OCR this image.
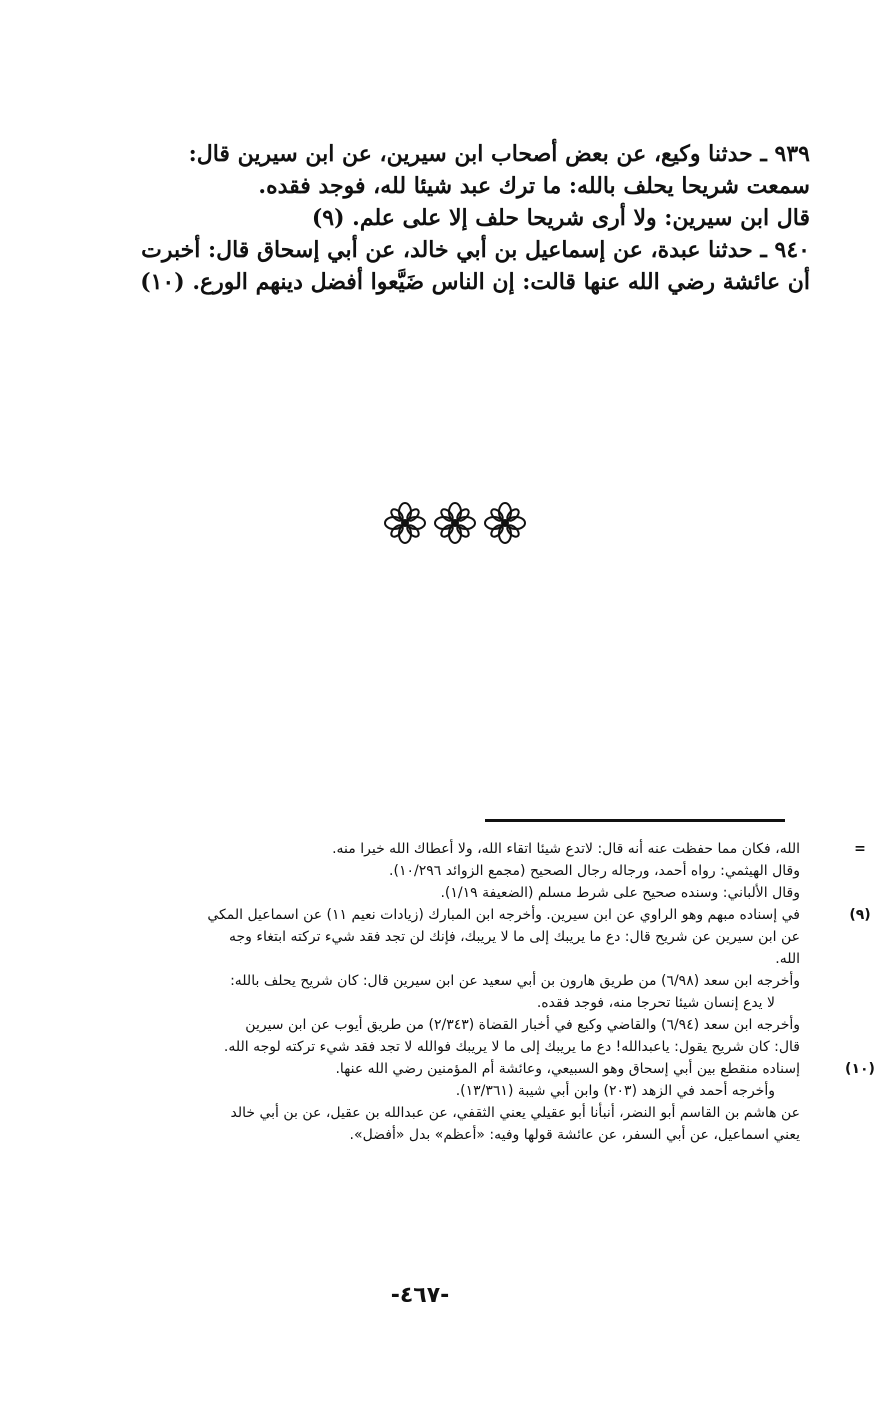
٩٣٩ ـ حدثنا وكيع، عن بعض أصحاب ابن سيرين، عن ابن سيرين قال:
سمعت شريحا يحلف بالله: ما ترك عبد شيئا لله، فوجد فقده.
قال ابن سيرين: ولا أرى شريحا حلف إلا على علم. (٩)
٩٤٠ ـ حدثنا عبدة، عن إسماعيل بن أبي خالد، عن أبي إسحاق قال: أخبرت
أن عائشة رضي الله عنها قالت: إن الناس ضَيَّعوا أفضل دينهم الورع. (١٠)
=
الله، فكان مما حفظت عنه أنه قال: لاتدع شيئا اتقاء الله، ولا أعطاك الله خيرا منه.
وقال الهيثمي: رواه أحمد، ورجاله رجال الصحيح (مجمع الزوائد ١٠/٢٩٦).
وقال الألباني: وسنده صحيح على شرط مسلم (الضعيفة ١/١٩).
(٩)
في إسناده مبهم وهو الراوي عن ابن سيرين. وأخرجه ابن المبارك (زيادات نعيم ١١) عن اسماعيل المكي
عن ابن سيرين عن شريح قال: دع ما يريبك إلى ما لا يريبك، فإنك لن تجد فقد شيء تركته ابتغاء وجه
الله.
وأخرجه ابن سعد (٦/٩٨) من طريق هارون بن أبي سعيد عن ابن سيرين قال: كان شريح يحلف بالله:
لا يدع إنسان شيئا تحرجا منه، فوجد فقده.
وأخرجه ابن سعد (٦/٩٤) والقاضي وكيع في أخبار القضاة (٢/٣٤٣) من طريق أيوب عن ابن سيرين
قال: كان شريح يقول: ياعبدالله! دع ما يريبك إلى ما لا يريبك فوالله لا تجد فقد شيء تركته لوجه الله.
(١٠)
إسناده منقطع بين أبي إسحاق وهو السبيعي، وعائشة أم المؤمنين رضي الله عنها.
وأخرجه أحمد في الزهد (٢٠٣) وابن أبي شيبة (١٣/٣٦١).
عن هاشم بن القاسم أبو النضر، أنبأنا أبو عقيلي يعني الثقفي، عن عبدالله بن عقيل، عن بن أبي خالد
يعني اسماعيل، عن أبي السفر، عن عائشة قولها وفيه: «أعظم» بدل «أفضل».
-٤٦٧-
